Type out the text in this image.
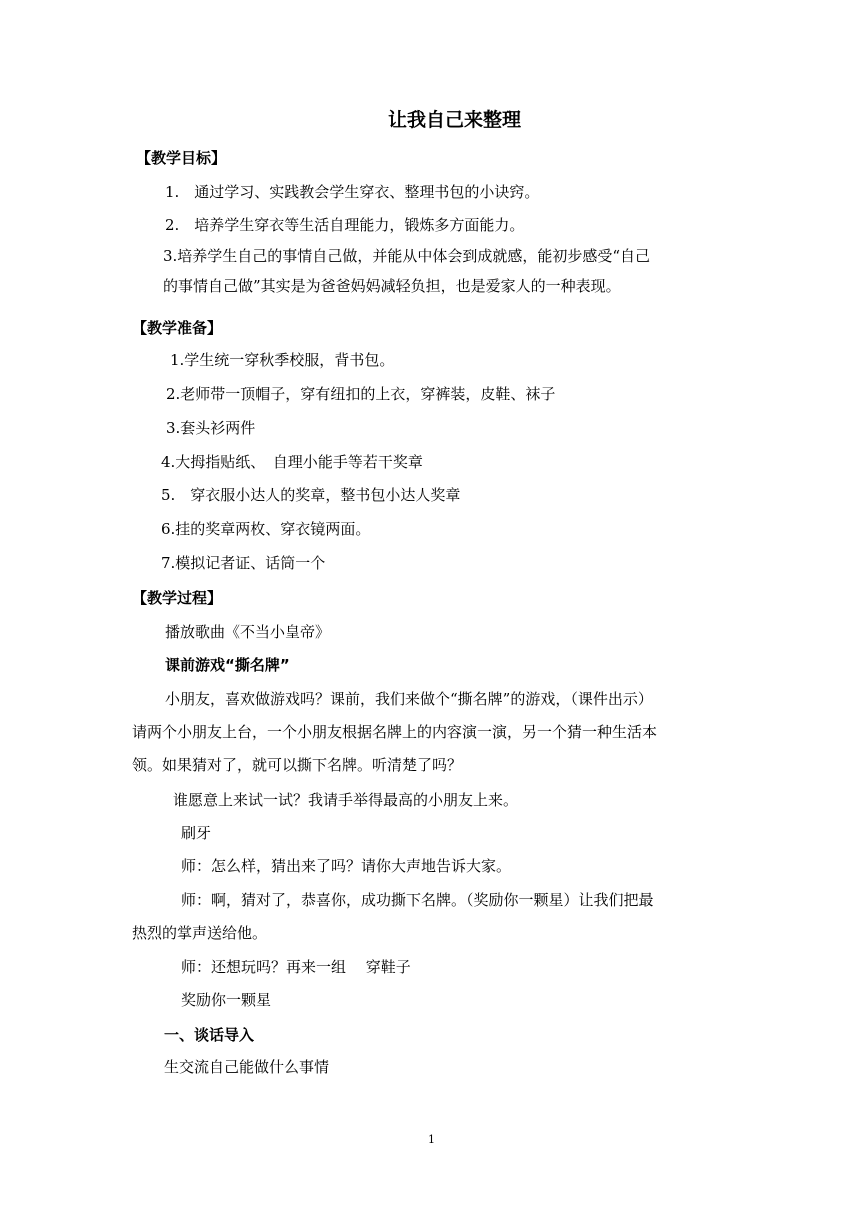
让我自己来整理
【教学目标】
1.　通过学习、实践教会学生穿衣、整理书包的小诀窍。
2.　培养学生穿衣等生活自理能力，锻炼多方面能力。
3.培养学生自己的事情自己做，并能从中体会到成就感，能初步感受“自己
的事情自己做”其实是为爸爸妈妈减轻负担，也是爱家人的一种表现。
【教学准备】
1.学生统一穿秋季校服，背书包。
2.老师带一顶帽子，穿有纽扣的上衣，穿裤装，皮鞋、袜子
3.套头衫两件
4.大拇指贴纸、　自理小能手等若干奖章
5.　穿衣服小达人的奖章，整书包小达人奖章
6.挂的奖章两枚、穿衣镜两面。
7.模拟记者证、话筒一个
【教学过程】
播放歌曲《不当小皇帝》
课前游戏“撕名牌”
小朋友，喜欢做游戏吗？课前，我们来做个“撕名牌”的游戏，（课件出示）
请两个小朋友上台，一个小朋友根据名牌上的内容演一演，另一个猜一种生活本
领。如果猜对了，就可以撕下名牌。听清楚了吗？
谁愿意上来试一试？我请手举得最高的小朋友上来。
刷牙
师：怎么样，猜出来了吗？请你大声地告诉大家。
师：啊，猜对了，恭喜你，成功撕下名牌。（奖励你一颗星）让我们把最
热烈的掌声送给他。
师：还想玩吗？再来一组　 穿鞋子
奖励你一颗星
一、谈话导入
生交流自己能做什么事情
1
